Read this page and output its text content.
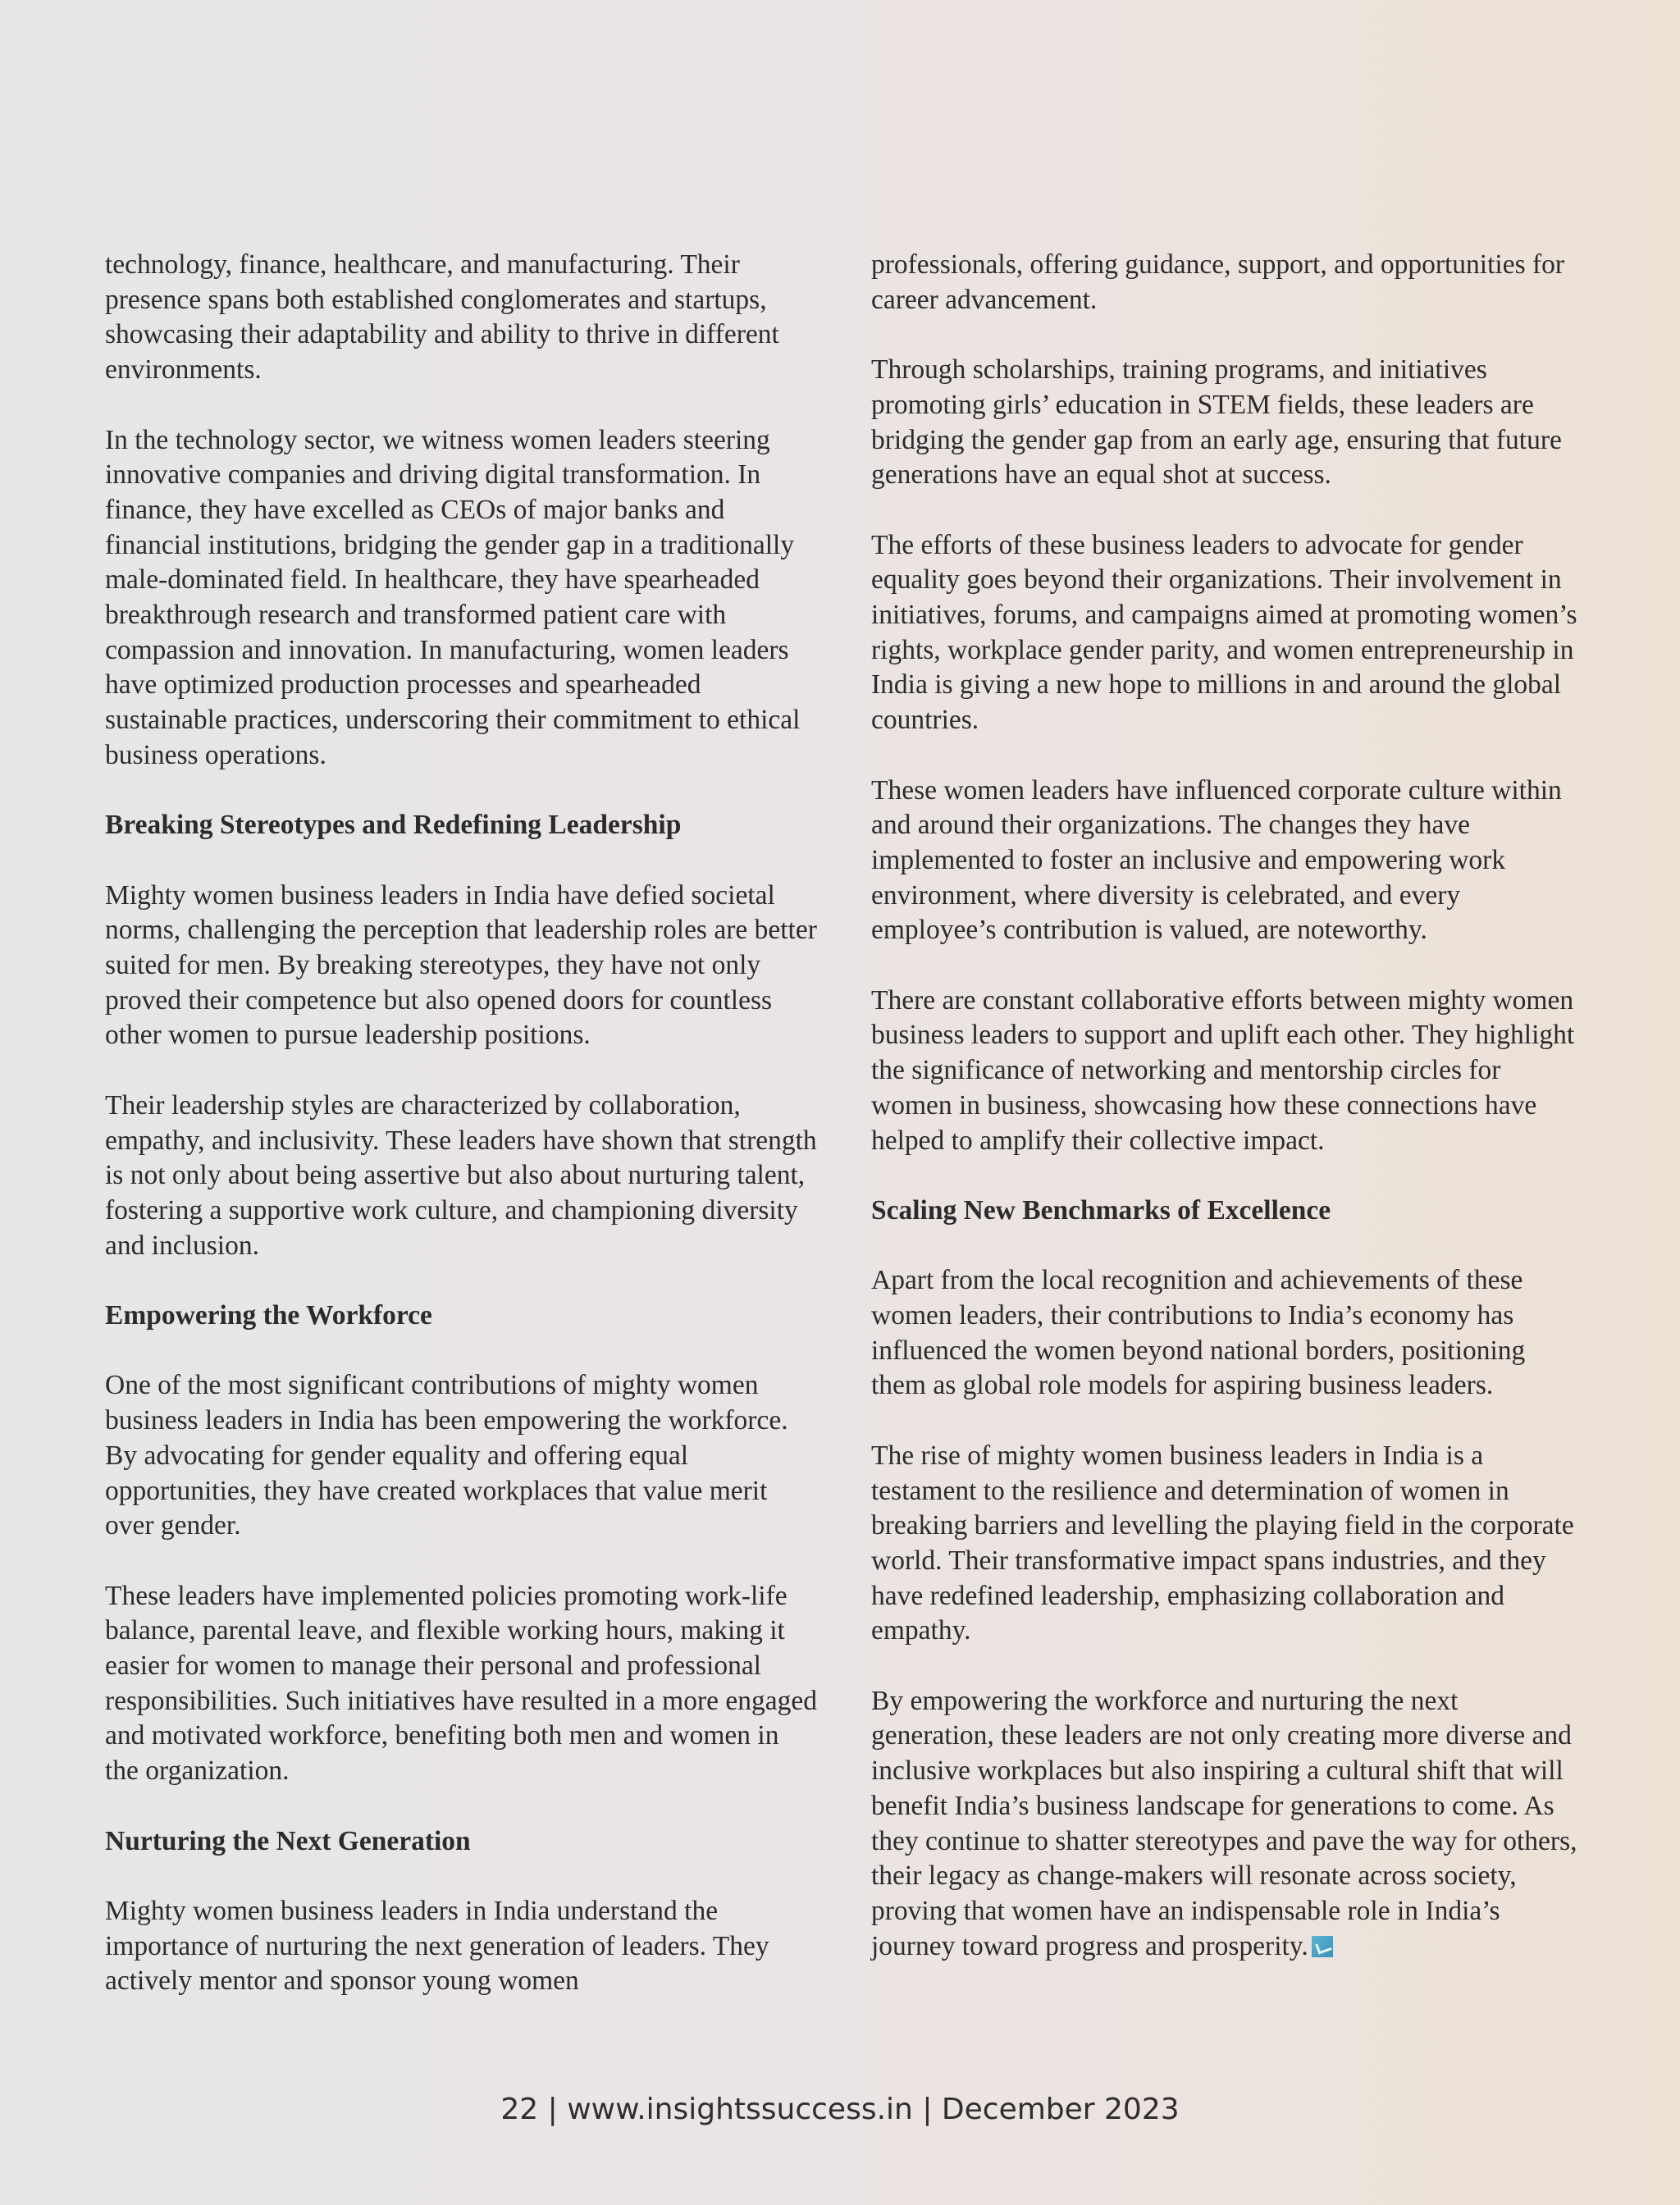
technology, finance, healthcare, and manufacturing. Their presence spans both established conglomerates and startups, showcasing their adaptability and ability to thrive in different environments.

In the technology sector, we witness women leaders steering innovative companies and driving digital transformation. In finance, they have excelled as CEOs of major banks and financial institutions, bridging the gender gap in a traditionally male-dominated field. In healthcare, they have spearheaded breakthrough research and transformed patient care with compassion and innovation. In manufacturing, women leaders have optimized production processes and spearheaded sustainable practices, underscoring their commitment to ethical business operations.

Breaking Stereotypes and Redefining Leadership

Mighty women business leaders in India have defied societal norms, challenging the perception that leadership roles are better suited for men. By breaking stereotypes, they have not only proved their competence but also opened doors for countless other women to pursue leadership positions.

Their leadership styles are characterized by collaboration, empathy, and inclusivity. These leaders have shown that strength is not only about being assertive but also about nurturing talent, fostering a supportive work culture, and championing diversity and inclusion.

Empowering the Workforce

One of the most significant contributions of mighty women business leaders in India has been empowering the workforce. By advocating for gender equality and offering equal opportunities, they have created workplaces that value merit over gender.

These leaders have implemented policies promoting work-life balance, parental leave, and flexible working hours, making it easier for women to manage their personal and professional responsibilities. Such initiatives have resulted in a more engaged and motivated workforce, benefiting both men and women in the organization.

Nurturing the Next Generation

Mighty women business leaders in India understand the importance of nurturing the next generation of leaders. They actively mentor and sponsor young women

professionals, offering guidance, support, and opportunities for career advancement.

Through scholarships, training programs, and initiatives promoting girls’ education in STEM fields, these leaders are bridging the gender gap from an early age, ensuring that future generations have an equal shot at success.

The efforts of these business leaders to advocate for gender equality goes beyond their organizations. Their involvement in initiatives, forums, and campaigns aimed at promoting women’s rights, workplace gender parity, and women entrepreneurship in India is giving a new hope to millions in and around the global countries.

These women leaders have influenced corporate culture within and around their organizations. The changes they have implemented to foster an inclusive and empowering work environment, where diversity is celebrated, and every employee’s contribution is valued, are noteworthy.

There are constant collaborative efforts between mighty women business leaders to support and uplift each other. They highlight the significance of networking and mentorship circles for women in business, showcasing how these connections have helped to amplify their collective impact.

Scaling New Benchmarks of Excellence

Apart from the local recognition and achievements of these women leaders, their contributions to India’s economy has influenced the women beyond national borders, positioning them as global role models for aspiring business leaders.

The rise of mighty women business leaders in India is a testament to the resilience and determination of women in breaking barriers and levelling the playing field in the corporate world. Their transformative impact spans industries, and they have redefined leadership, emphasizing collaboration and empathy.

By empowering the workforce and nurturing the next generation, these leaders are not only creating more diverse and inclusive workplaces but also inspiring a cultural shift that will benefit India’s business landscape for generations to come. As they continue to shatter stereotypes and pave the way for others, their legacy as change-makers will resonate across society, proving that women have an indispensable role in India’s journey toward progress and prosperity.

22 | www.insightssuccess.in | December 2023
